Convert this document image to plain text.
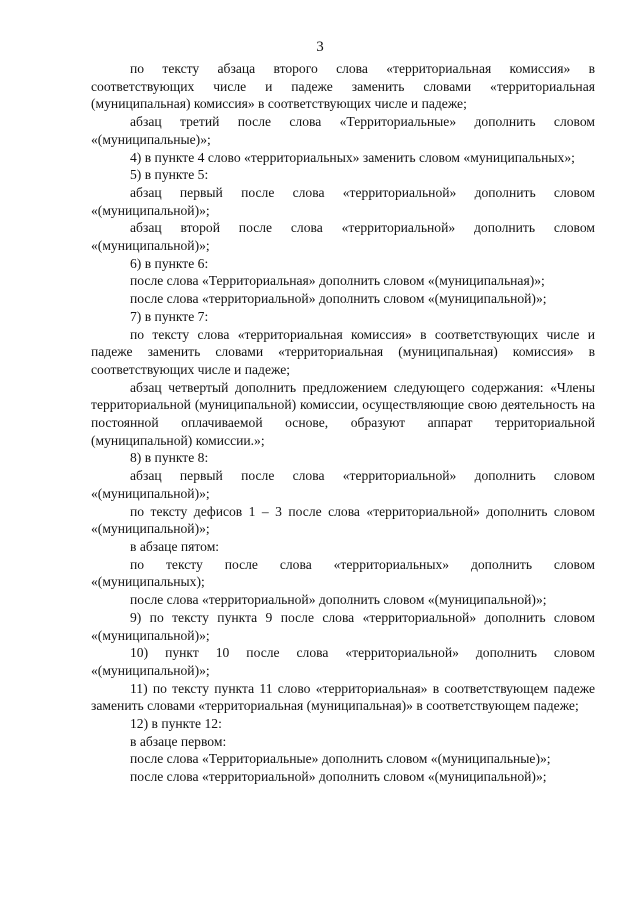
3

по тексту абзаца второго слова «территориальная комиссия» в соответствующих числе и падеже заменить словами «территориальная (муниципальная) комиссия» в соответствующих числе и падеже;

абзац третий после слова «Территориальные» дополнить словом «(муниципальные)»;

4) в пункте 4 слово «территориальных» заменить словом «муниципальных»;

5) в пункте 5:

абзац первый после слова «территориальной» дополнить словом «(муниципальной)»;

абзац второй после слова «территориальной» дополнить словом «(муниципальной)»;

6) в пункте 6:

после слова «Территориальная» дополнить словом «(муниципальная)»;

после слова «территориальной» дополнить словом «(муниципальной)»;

7) в пункте 7:

по тексту слова «территориальная комиссия» в соответствующих числе и падеже заменить словами «территориальная (муниципальная) комиссия» в соответствующих числе и падеже;

абзац четвертый дополнить предложением следующего содержания: «Члены территориальной (муниципальной) комиссии, осуществляющие свою деятельность на постоянной оплачиваемой основе, образуют аппарат территориальной (муниципальной) комиссии.»;

8) в пункте 8:

абзац первый после слова «территориальной» дополнить словом «(муниципальной)»;

по тексту дефисов 1 – 3 после слова «территориальной» дополнить словом «(муниципальной)»;

в абзаце пятом:

по тексту после слова «территориальных» дополнить словом «(муниципальных);

после слова «территориальной» дополнить словом «(муниципальной)»;

9) по тексту пункта 9 после слова «территориальной» дополнить словом «(муниципальной)»;

10) пункт 10 после слова «территориальной» дополнить словом «(муниципальной)»;

11) по тексту пункта 11 слово «территориальная» в соответствующем падеже заменить словами «территориальная (муниципальная)» в соответствующем падеже;

12) в пункте 12:

в абзаце первом:

после слова «Территориальные» дополнить словом «(муниципальные)»;

после слова «территориальной» дополнить словом «(муниципальной)»;
